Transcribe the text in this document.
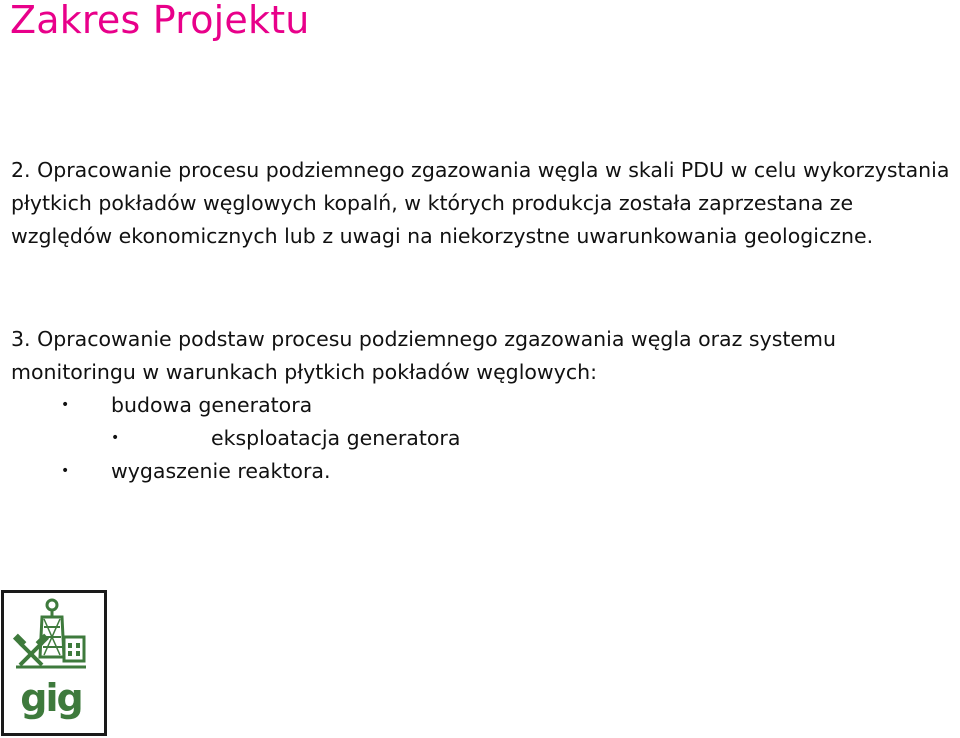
Zakres Projektu

2. Opracowanie procesu podziemnego zgazowania węgla w skali PDU w celu wykorzystania płytkich pokładów węglowych kopalń, w których produkcja została zaprzestana ze względów ekonomicznych lub z uwagi na niekorzystne uwarunkowania geologiczne.

3. Opracowanie podstaw procesu podziemnego zgazowania węgla oraz systemu monitoringu w warunkach płytkich pokładów węglowych:

• budowa generatora
•	eksploatacja generatora
• wygaszenie reaktora.
gig
